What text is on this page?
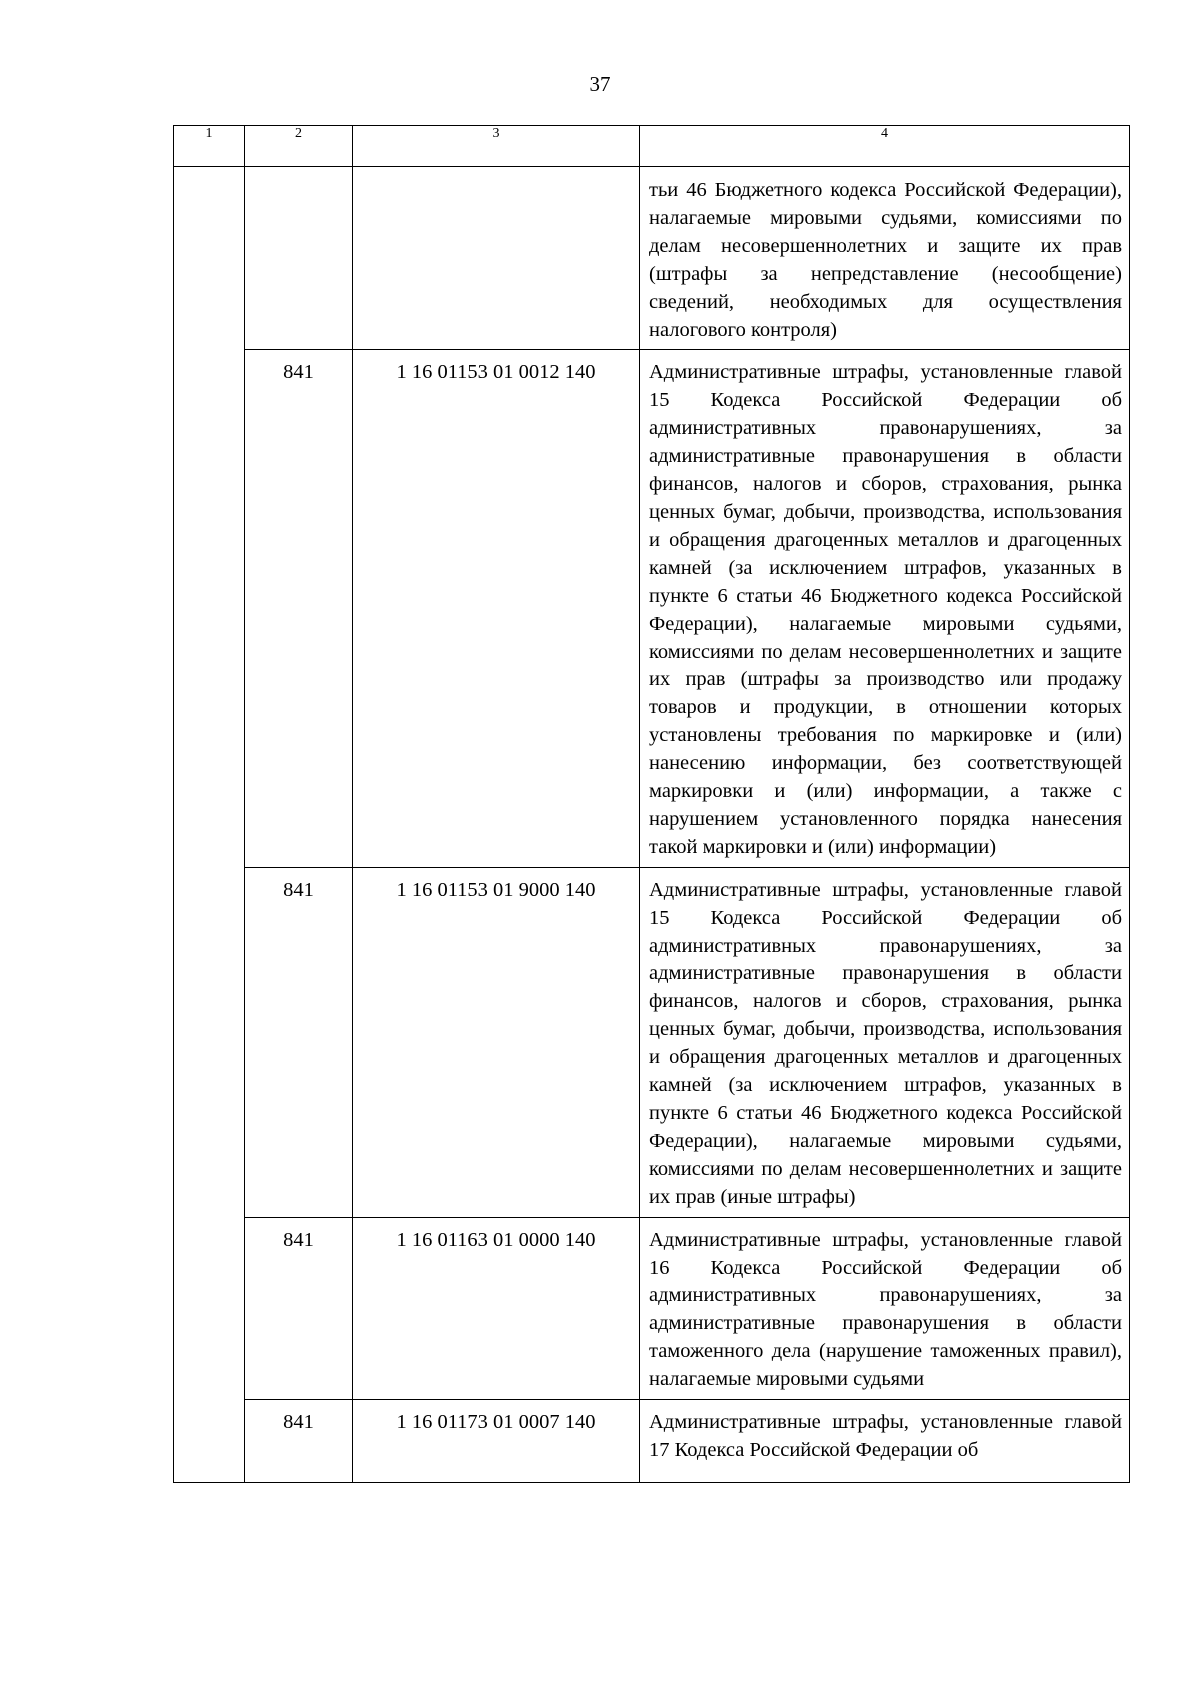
37
1	2	3	4
			тьи 46 Бюджетного кодекса Российской Федерации), налагаемые мировыми судьями, комиссиями по делам несовершеннолетних и защите их прав (штрафы за непредставление (несообщение) сведений, необходимых для осуществления налогового контроля)
	841	1 16 01153 01 0012 140	Административные штрафы, установленные главой 15 Кодекса Российской Федерации об административных правонарушениях, за административные правонарушения в области финансов, налогов и сборов, страхования, рынка ценных бумаг, добычи, производства, использования и обращения драгоценных металлов и драгоценных камней (за исключением штрафов, указанных в пункте 6 статьи 46 Бюджетного кодекса Российской Федерации), налагаемые мировыми судьями, комиссиями по делам несовершеннолетних и защите их прав (штрафы за производство или продажу товаров и продукции, в отношении которых установлены требования по маркировке и (или) нанесению информации, без соответствующей маркировки и (или) информации, а также с нарушением установленного порядка нанесения такой маркировки и (или) информации)
	841	1 16 01153 01 9000 140	Административные штрафы, установленные главой 15 Кодекса Российской Федерации об административных правонарушениях, за административные правонарушения в области финансов, налогов и сборов, страхования, рынка ценных бумаг, добычи, производства, использования и обращения драгоценных металлов и драгоценных камней (за исключением штрафов, указанных в пункте 6 статьи 46 Бюджетного кодекса Российской Федерации), налагаемые мировыми судьями, комиссиями по делам несовершеннолетних и защите их прав (иные штрафы)
	841	1 16 01163 01 0000 140	Административные штрафы, установленные главой 16 Кодекса Российской Федерации об административных правонарушениях, за административные правонарушения в области таможенного дела (нарушение таможенных правил), налагаемые мировыми судьями
	841	1 16 01173 01 0007 140	Административные штрафы, установленные главой 17 Кодекса Российской Федерации об
